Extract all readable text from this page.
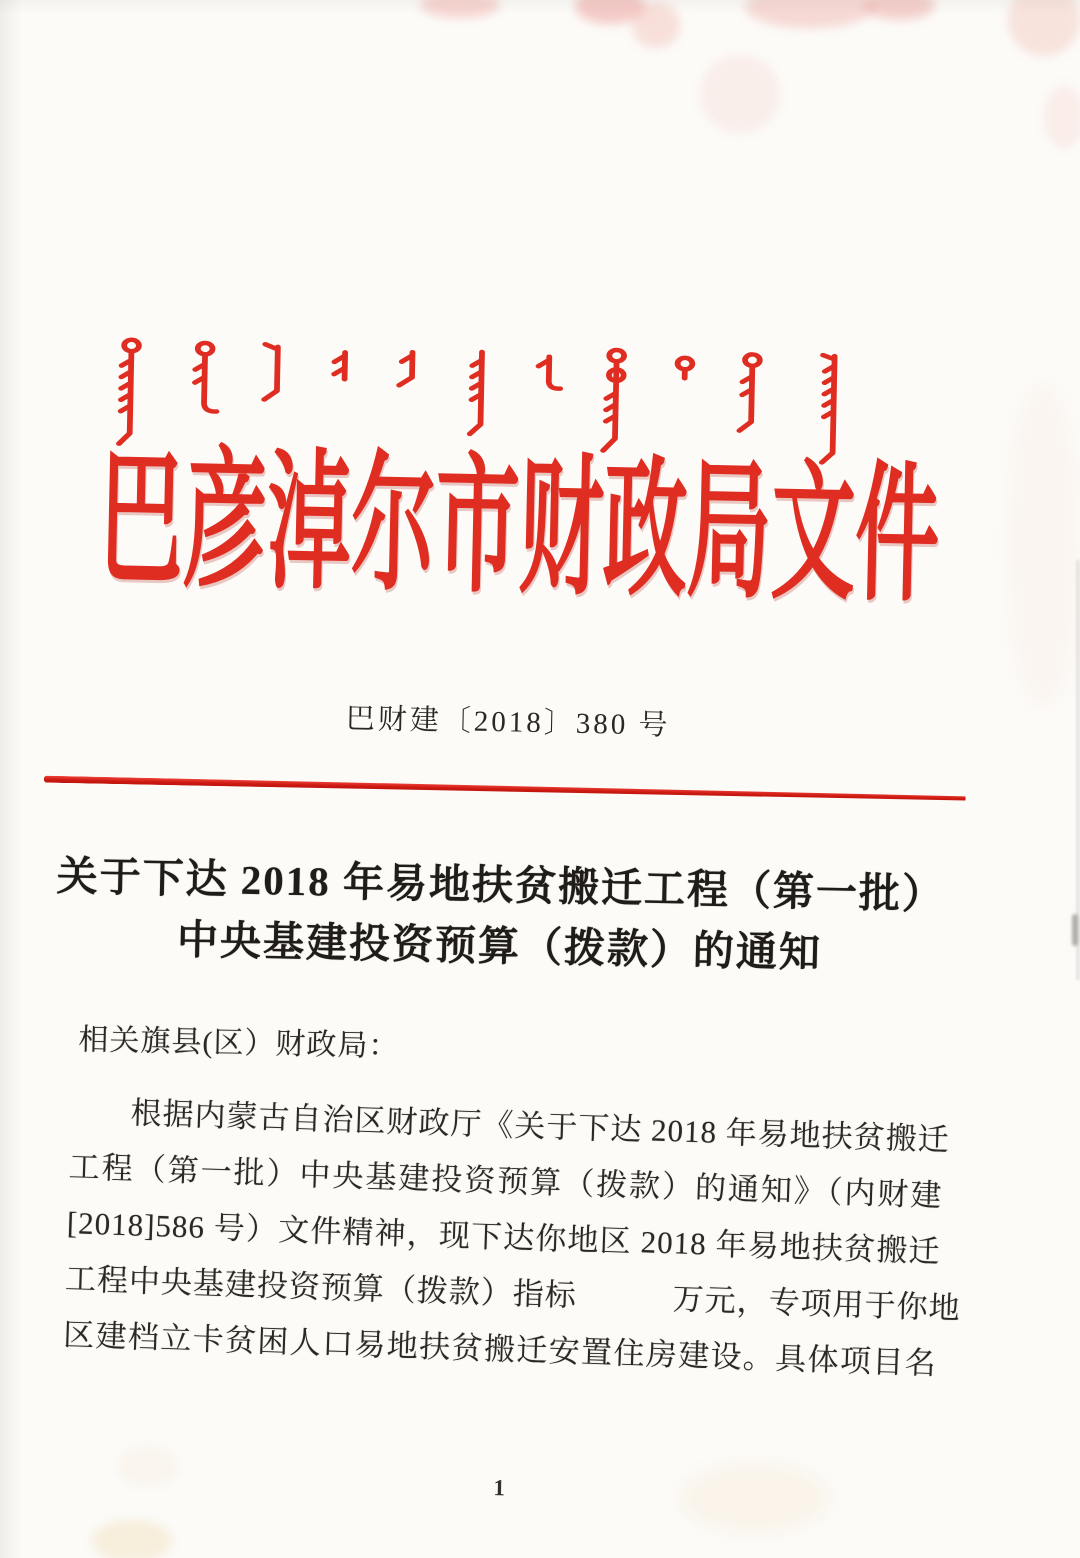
巴彦淖尔市财政局文件
巴财建〔2018〕380 号
关于下达 2018 年易地扶贫搬迁工程（第一批）
中央基建投资预算（拨款）的通知
相关旗县(区）财政局：
根据内蒙古自治区财政厅《关于下达 2018 年易地扶贫搬迁
工程（第一批）中央基建投资预算（拨款）的通知》（内财建
[2018]586 号）文件精神，现下达你地区 2018 年易地扶贫搬迁
工程中央基建投资预算（拨款）指标	万元，专项用于你地
区建档立卡贫困人口易地扶贫搬迁安置住房建设。具体项目名
1
